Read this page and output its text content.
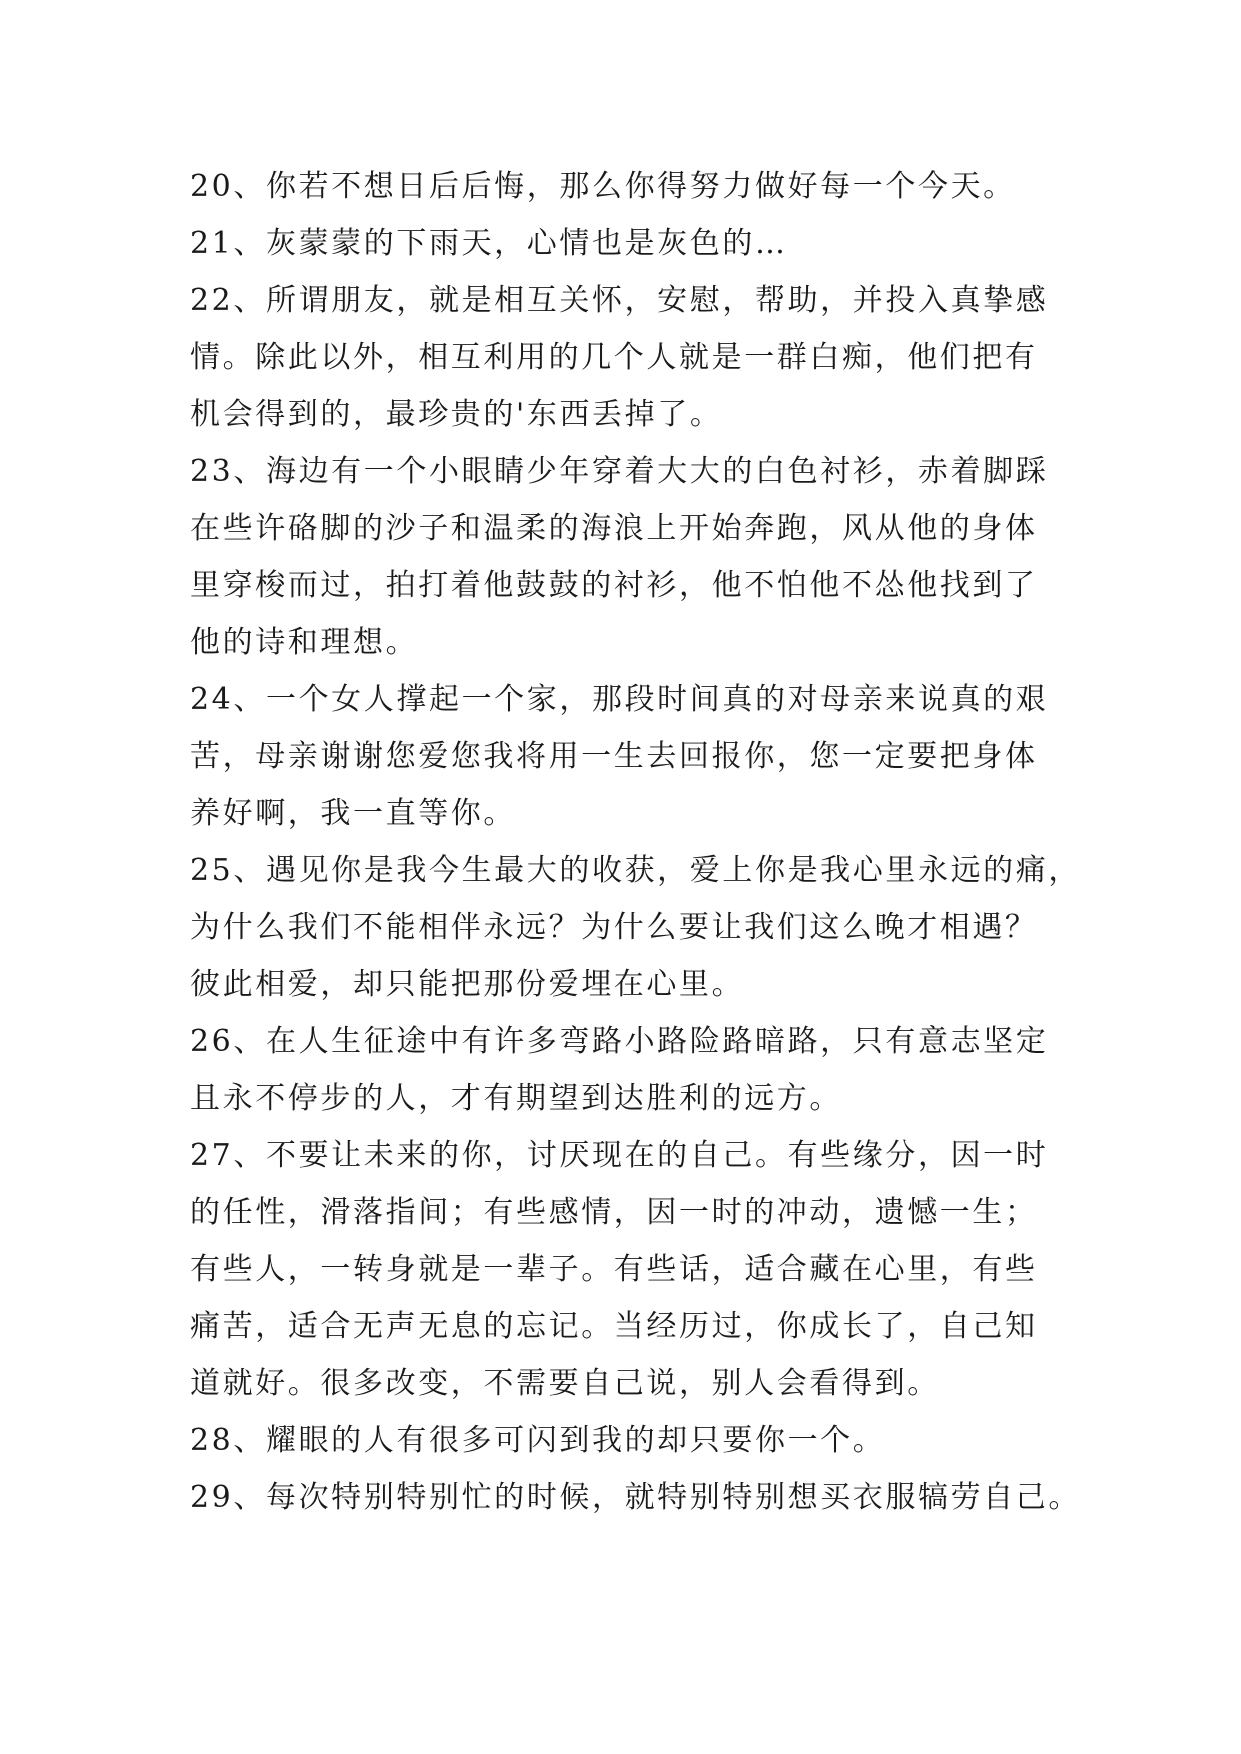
20、你若不想日后后悔，那么你得努力做好每一个今天。
21、灰蒙蒙的下雨天，心情也是灰色的…
22、所谓朋友，就是相互关怀，安慰，帮助，并投入真挚感
情。除此以外，相互利用的几个人就是一群白痴，他们把有
机会得到的，最珍贵的'东西丢掉了。
23、海边有一个小眼睛少年穿着大大的白色衬衫，赤着脚踩
在些许硌脚的沙子和温柔的海浪上开始奔跑，风从他的身体
里穿梭而过，拍打着他鼓鼓的衬衫，他不怕他不怂他找到了
他的诗和理想。
24、一个女人撑起一个家，那段时间真的对母亲来说真的艰
苦，母亲谢谢您爱您我将用一生去回报你，您一定要把身体
养好啊，我一直等你。
25、遇见你是我今生最大的收获，爱上你是我心里永远的痛，
为什么我们不能相伴永远？为什么要让我们这么晚才相遇？
彼此相爱，却只能把那份爱埋在心里。
26、在人生征途中有许多弯路小路险路暗路，只有意志坚定
且永不停步的人，才有期望到达胜利的远方。
27、不要让未来的你，讨厌现在的自己。有些缘分，因一时
的任性，滑落指间；有些感情，因一时的冲动，遗憾一生；
有些人，一转身就是一辈子。有些话，适合藏在心里，有些
痛苦，适合无声无息的忘记。当经历过，你成长了，自己知
道就好。很多改变，不需要自己说，别人会看得到。
28、耀眼的人有很多可闪到我的却只要你一个。
29、每次特别特别忙的时候，就特别特别想买衣服犒劳自己。
